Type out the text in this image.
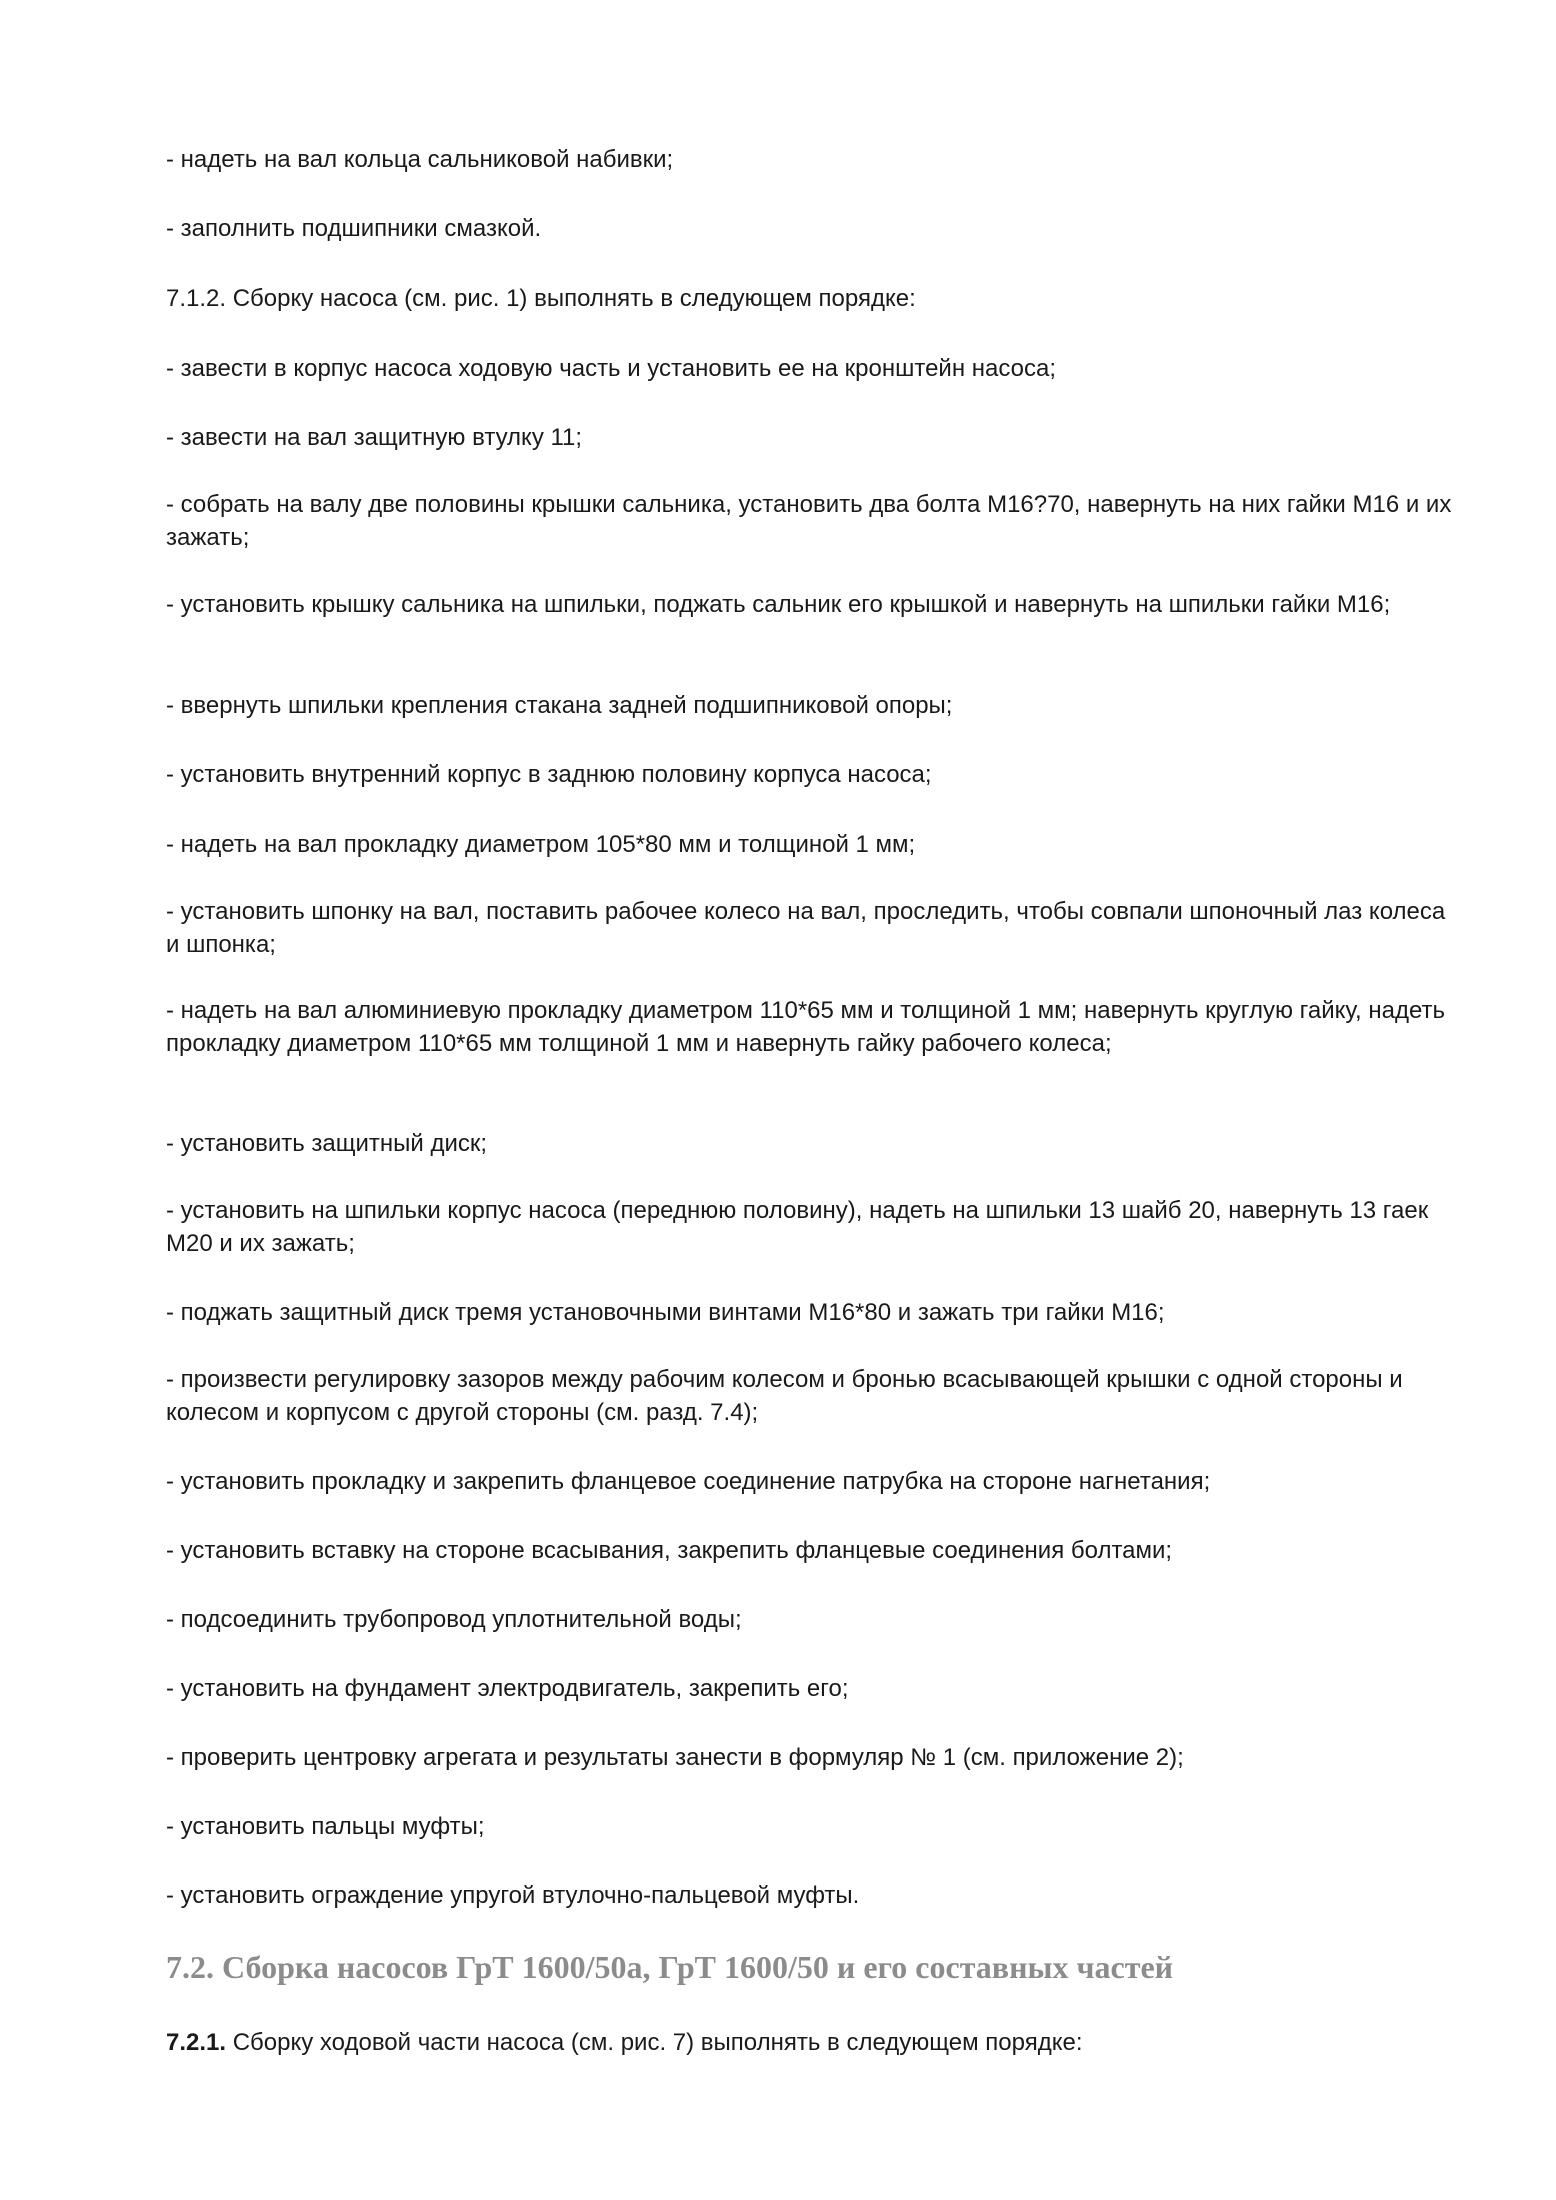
- надеть на вал кольца сальниковой набивки;
- заполнить подшипники смазкой.
7.1.2. Сборку насоса (см. рис. 1) выполнять в следующем порядке:
- завести в корпус насоса ходовую часть и установить ее на кронштейн насоса;
- завести на вал защитную втулку 11;
- собрать на валу две половины крышки сальника, установить два болта М16?70, навернуть на них гайки М16 и их зажать;
- установить крышку сальника на шпильки, поджать сальник его крышкой и навернуть на шпильки гайки М16;
- ввернуть шпильки крепления стакана задней подшипниковой опоры;
- установить внутренний корпус в заднюю половину корпуса насоса;
- надеть на вал прокладку диаметром 105*80 мм и толщиной 1 мм;
- установить шпонку на вал, поставить рабочее колесо на вал, проследить, чтобы совпали шпоночный лаз колеса и шпонка;
- надеть на вал алюминиевую прокладку диаметром 110*65 мм и толщиной 1 мм; навернуть круглую гайку, надеть прокладку диаметром 110*65 мм толщиной 1 мм и навернуть гайку рабочего колеса;
- установить защитный диск;
- установить на шпильки корпус насоса (переднюю половину), надеть на шпильки 13 шайб 20, навернуть 13 гаек М20 и их зажать;
- поджать защитный диск тремя установочными винтами М16*80 и зажать три гайки М16;
- произвести регулировку зазоров между рабочим колесом и бронью всасывающей крышки с одной стороны и колесом и корпусом с другой стороны (см. разд. 7.4);
- установить прокладку и закрепить фланцевое соединение патрубка на стороне нагнетания;
- установить вставку на стороне всасывания, закрепить фланцевые соединения болтами;
- подсоединить трубопровод уплотнительной воды;
- установить на фундамент электродвигатель, закрепить его;
- проверить центровку агрегата и результаты занести в формуляр № 1 (см. приложение 2);
- установить пальцы муфты;
- установить ограждение упругой втулочно-пальцевой муфты.
7.2. Сборка насосов ГрТ 1600/50а, ГрТ 1600/50 и его составных частей
7.2.1. Сборку ходовой части насоса (см. рис. 7) выполнять в следующем порядке:
